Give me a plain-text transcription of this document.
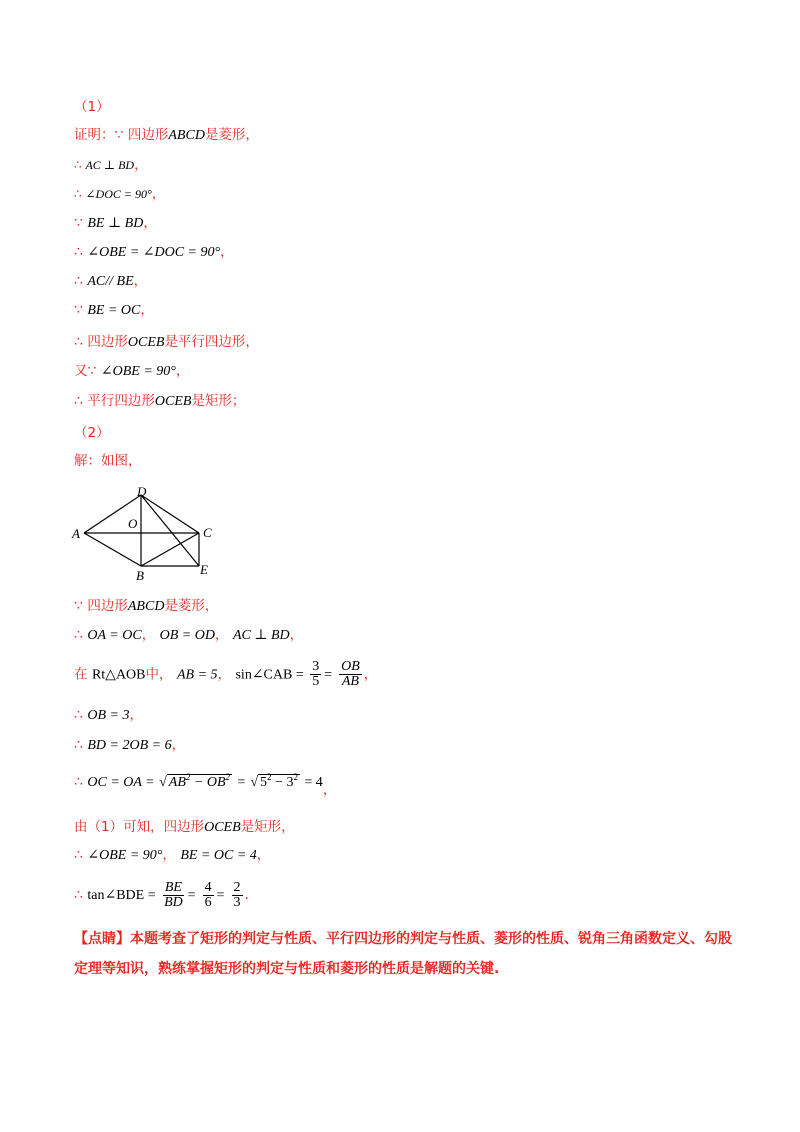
（1）
证明：∵ 四边形ABCD是菱形，
∴ AC ⊥ BD，
∴ ∠DOC = 90°，
∵ BE ⊥ BD，
∴ ∠OBE = ∠DOC = 90°，
∴ AC// BE，
∵ BE = OC，
∴ 四边形OCEB是平行四边形，
又∵ ∠OBE = 90°，
∴ 平行四边形OCEB是矩形；
（2）
解：如图，
D
O
A	C
B	E
∵ 四边形ABCD是菱形，
∴ OA = OC， OB = OD， AC ⊥ BD，
在 Rt△AOB中， AB = 5， sin∠CAB = $\frac{3}{5} = \frac{OB}{AB}$ ，
∴ OB = 3，
∴ BD = 2OB = 6，
∴ OC = OA = √ $AB^2 - OB^2$ = √ $5^2 - 3^2 = 4$，
由（1）可知，四边形OCEB是矩形，
∴ ∠OBE = 90°， BE = OC = 4，
∴ tan∠BDE = $\frac{BE}{BD} = \frac{4}{6} = \frac{2}{3}$ .
【点睛】本题考查了矩形的判定与性质、平行四边形的判定与性质、菱形的性质、锐角三角函数定义、勾股定理等知识，熟练掌握矩形的判定与性质和菱形的性质是解题的关键.
